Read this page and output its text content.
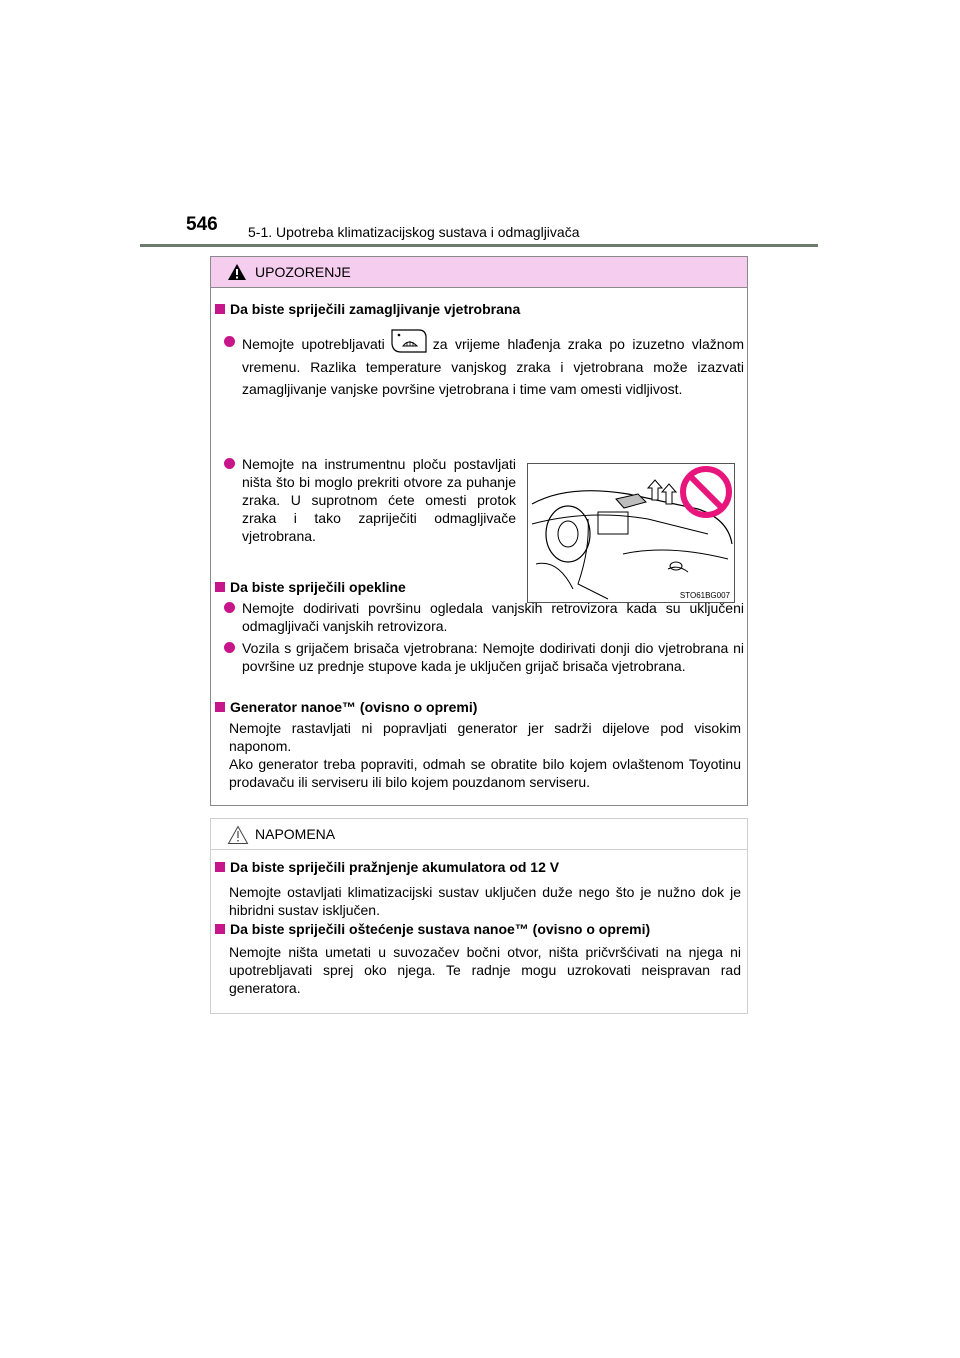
546 5-1. Upotreba klimatizacijskog sustava i odmagljivača
UPOZORENJE
Da biste spriječili zamagljivanje vjetrobrana
Nemojte upotrebljavati	za vrijeme hlađenja zraka po izuzetno vlažnom vremenu. Razlika temperature vanjskog zraka i vjetrobrana može izazvati zamagljivanje vanjske površine vjetrobrana i time vam omesti vidljivost.
Nemojte na instrumentnu ploču postavljati ništa što bi moglo prekriti otvore za puhanje zraka. U suprotnom ćete omesti protok zraka i tako zapriječiti odmagljivače vjetrobrana.
STO61BG007
Da biste spriječili opekline
Nemojte dodirivati površinu ogledala vanjskih retrovizora kada su uključeni odmagljivači vanjskih retrovizora.
Vozila s grijačem brisača vjetrobrana: Nemojte dodirivati donji dio vjetrobrana ni površine uz prednje stupove kada je uključen grijač brisača vjetrobrana.
Generator nanoe™ (ovisno o opremi)
Nemojte rastavljati ni popravljati generator jer sadrži dijelove pod visokim naponom.
Ako generator treba popraviti, odmah se obratite bilo kojem ovlaštenom Toyotinu prodavaču ili serviseru ili bilo kojem pouzdanom serviseru.
NAPOMENA
Da biste spriječili pražnjenje akumulatora od 12 V
Nemojte ostavljati klimatizacijski sustav uključen duže nego što je nužno dok je hibridni sustav isključen.
Da biste spriječili oštećenje sustava nanoe™ (ovisno o opremi)
Nemojte ništa umetati u suvozačev bočni otvor, ništa pričvršćivati na njega ni upotrebljavati sprej oko njega. Te radnje mogu uzrokovati neispravan rad generatora.
